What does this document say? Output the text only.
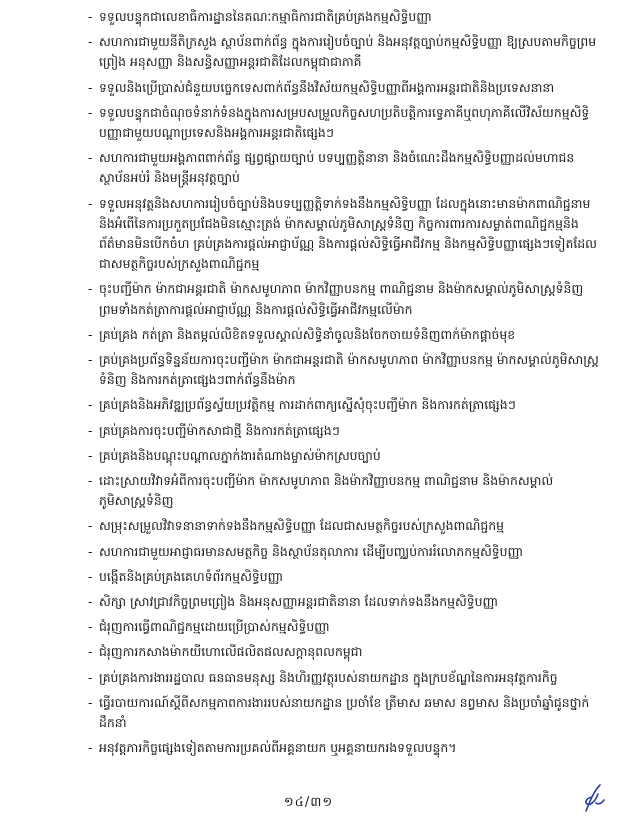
- ទទួលបន្ទុកជាលេខាធិការដ្ឋាននៃគណៈកម្មាធិការជាតិគ្រប់គ្រងកម្មសិទ្ធិបញ្ញា
- សហការជាមួយនីតិក្រសួង ស្ថាប័នពាក់ព័ន្ធ ក្នុងការរៀបចំច្បាប់ និងអនុវត្តច្បាប់កម្មសិទ្ធិបញ្ញា ឱ្យស្របតាមកិច្ចព្រមព្រៀង អនុសញ្ញា និងសន្ធិសញ្ញាអន្តរជាតិដែលកម្ពុជាជាភាគី
- ទទួលនិងប្រើប្រាស់ជំនួយបច្ចេកទេសពាក់ព័ន្ធនឹងវិស័យកម្មសិទ្ធិបញ្ញាពីអង្គការអន្តរជាតិនិងប្រទេសនានា
- ទទួលបន្ទុកជាចំណុចទំនាក់ទំនងក្នុងការសម្របសម្រួលកិច្ចសហប្រតិបត្តិការទ្វេភាគីឬពហុភាគីលើវិស័យកម្មសិទ្ធិបញ្ញាជាមួយបណ្ដាប្រទេសនិងអង្គការអន្តរជាតិផ្សេងៗ
- សហការជាមួយអង្គភាពពាក់ព័ន្ធ ផ្សព្វផ្សាយច្បាប់ បទប្បញ្ញត្តិនានា និងចំណេះដឹងកម្មសិទ្ធិបញ្ញាដល់មហាជន ស្ថាប័នអប់រំ និងមន្ត្រីអនុវត្តច្បាប់
- ទទួលអនុវត្តនិងសហការរៀបចំច្បាប់និងបទប្បញ្ញត្តិទាក់ទងនឹងកម្មសិទ្ធិបញ្ញា ដែលក្នុងនោះមានម៉ាកពាណិជ្ជនាម និងអំពើនៃការប្រកួតប្រជែងមិនស្មោះត្រង់ ម៉ាកសម្គាល់ភូមិសាស្ត្រទំនិញ កិច្ចការពារការសម្ងាត់ពាណិជ្ជកម្មនិងព័ត៌មានមិនបើកចំហ គ្រប់គ្រងការផ្ដល់អាជ្ញាប័ណ្ណ និងការផ្ដល់សិទ្ធិធ្វើអាជីវកម្ម និងកម្មសិទ្ធិបញ្ញាផ្សេងៗទៀតដែលជាសមត្ថកិច្ចរបស់ក្រសួងពាណិជ្ជកម្ម
- ចុះបញ្ជីម៉ាក ម៉ាកជាអន្តរជាតិ ម៉ាកសមូហភាព ម៉ាកវិញ្ញាបនកម្ម ពាណិជ្ជនាម និងម៉ាកសម្គាល់ភូមិសាស្ត្រទំនិញ ព្រមទាំងកត់ត្រាការផ្ដល់អាជ្ញាប័ណ្ណ និងការផ្ដល់សិទ្ធិធ្វើអាជីវកម្មលើម៉ាក
- គ្រប់គ្រង កត់ត្រា និងតម្កល់លិខិតទទួលស្គាល់សិទ្ធិនាំចូលនិងចែកចាយទំនិញពាក់ម៉ាកផ្ដាច់មុខ
- គ្រប់គ្រងប្រព័ន្ធទិន្នន័យការចុះបញ្ជីម៉ាក ម៉ាកជាអន្តរជាតិ ម៉ាកសមូហភាព ម៉ាកវិញ្ញាបនកម្ម ម៉ាកសម្គាល់ភូមិសាស្ត្រទំនិញ និងការកត់ត្រាផ្សេងៗពាក់ព័ន្ធនឹងម៉ាក
- គ្រប់គ្រងនិងអភិវឌ្ឍប្រព័ន្ធស្វ័យប្រវត្តិកម្ម ការដាក់ពាក្យស្នើសុំចុះបញ្ជីម៉ាក និងការកត់ត្រាផ្សេងៗ
- គ្រប់គ្រងការចុះបញ្ជីម៉ាកសាជាថ្មី និងការកត់ត្រាផ្សេងៗ
- គ្រប់គ្រងនិងបណ្ដុះបណ្ដាលភ្នាក់ងារតំណាងម្ចាស់ម៉ាកស្របច្បាប់
- ដោះស្រាយវិវាទអំពីការចុះបញ្ជីម៉ាក ម៉ាកសមូហភាព និងម៉ាកវិញ្ញាបនកម្ម ពាណិជ្ជនាម និងម៉ាកសម្គាល់ភូមិសាស្ត្រទំនិញ
- សម្រុះសម្រួលវិវាទនានាទាក់ទងនឹងកម្មសិទ្ធិបញ្ញា ដែលជាសមត្ថកិច្ចរបស់ក្រសួងពាណិជ្ជកម្ម
- សហការជាមួយអាជ្ញាធរមានសមត្ថកិច្ច និងស្ថាប័នតុលាការ ដើម្បីបញ្ឈប់ការរំលោភកម្មសិទ្ធិបញ្ញា
- បង្កើតនិងគ្រប់គ្រងគេហទំព័រកម្មសិទ្ធិបញ្ញា
- សិក្សា ស្រាវជ្រាវកិច្ចព្រមព្រៀង និងអនុសញ្ញាអន្តរជាតិនានា ដែលទាក់ទងនឹងកម្មសិទ្ធិបញ្ញា
- ជំរុញការធ្វើពាណិជ្ជកម្មដោយប្រើប្រាស់កម្មសិទ្ធិបញ្ញា
- ជំរុញការកសាងម៉ាកយីហោលើផលិតផលសក្ដានុពលកម្ពុជា
- គ្រប់គ្រងការងាររដ្ឋបាល ធនធានមនុស្ស និងហិរញ្ញវត្ថុរបស់នាយកដ្ឋាន ក្នុងក្របខ័ណ្ឌនៃការអនុវត្តការកិច្ច
- ធ្វើរបាយការណ៍ស្ដីពីសកម្មភាពការងាររបស់នាយកដ្ឋាន ប្រចាំខែ ត្រីមាស ឆមាស នព្វមាស និងប្រចាំឆ្នាំជូនថ្នាក់ដឹកនាំ
- អនុវត្តភារកិច្ចផ្សេងទៀតតាមការប្រគល់ពីអគ្គនាយក ឬអគ្គនាយករងទទួលបន្ទុក។
១៤/៣១
